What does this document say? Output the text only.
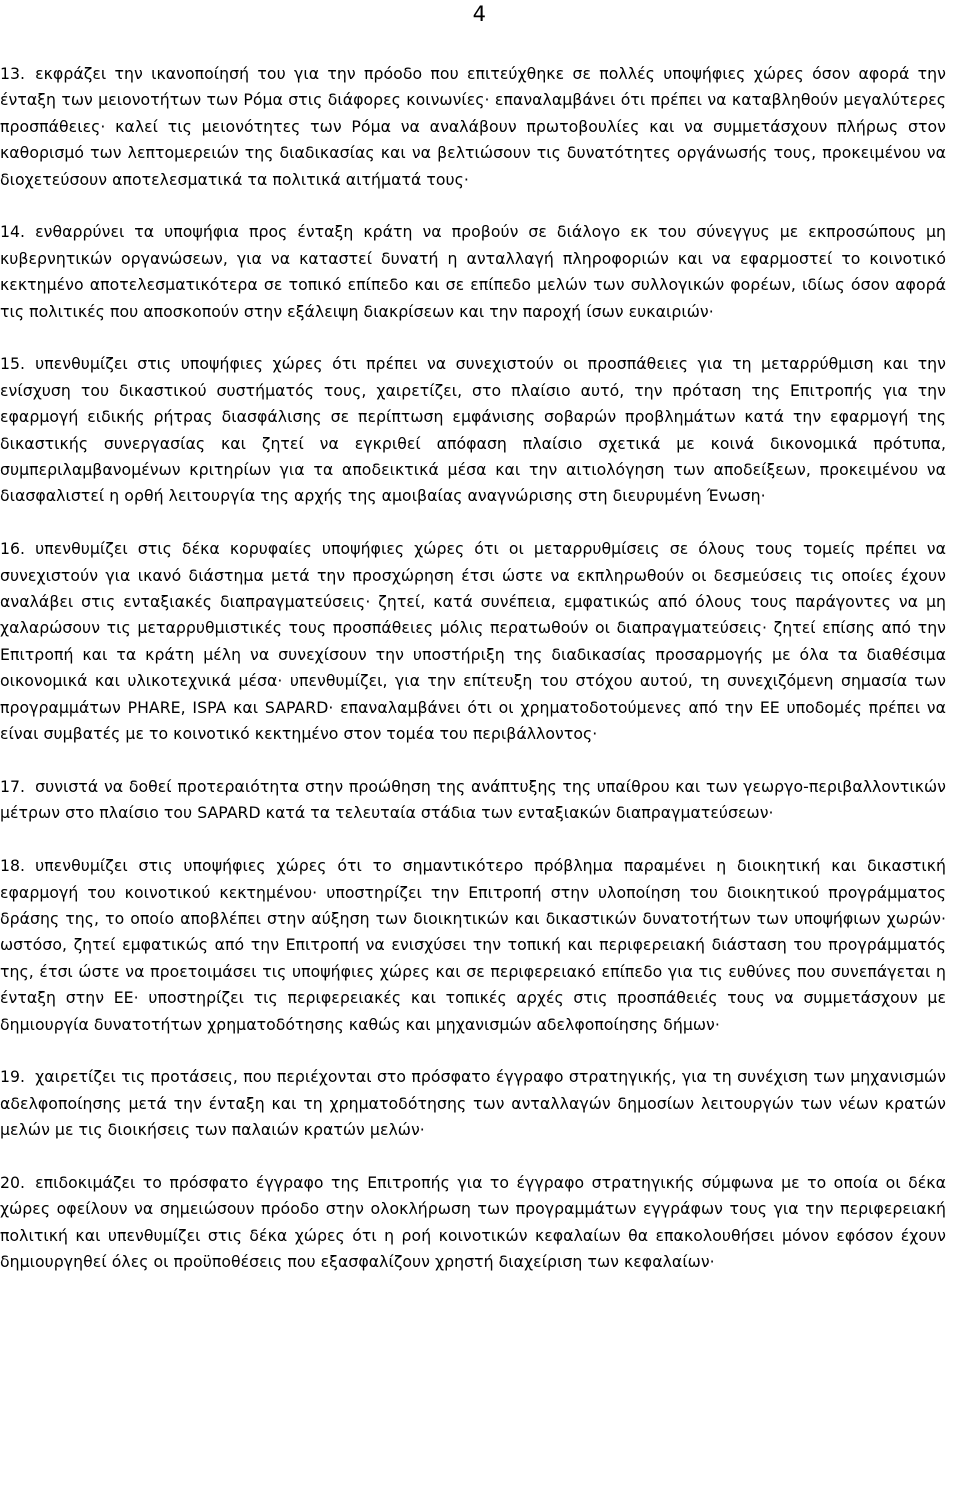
4

13. εκφράζει την ικανοποίησή του για την πρόοδο που επιτεύχθηκε σε πολλές υποψήφιες χώρες όσον αφορά την ένταξη των μειονοτήτων των Ρόμα στις διάφορες κοινωνίες· επαναλαμβάνει ότι πρέπει να καταβληθούν μεγαλύτερες προσπάθειες· καλεί τις μειονότητες των Ρόμα να αναλάβουν πρωτοβουλίες και να συμμετάσχουν πλήρως στον καθορισμό των λεπτομερειών της διαδικασίας και να βελτιώσουν τις δυνατότητες οργάνωσής τους, προκειμένου να διοχετεύσουν αποτελεσματικά τα πολιτικά αιτήματά τους·

14. ενθαρρύνει τα υποψήφια προς ένταξη κράτη να προβούν σε διάλογο εκ του σύνεγγυς με εκπροσώπους μη κυβερνητικών οργανώσεων, για να καταστεί δυνατή η ανταλλαγή πληροφοριών και να εφαρμοστεί το κοινοτικό κεκτημένο αποτελεσματικότερα σε τοπικό επίπεδο και σε επίπεδο μελών των συλλογικών φορέων, ιδίως όσον αφορά τις πολιτικές που αποσκοπούν στην εξάλειψη διακρίσεων και την παροχή ίσων ευκαιριών·

15. υπενθυμίζει στις υποψήφιες χώρες ότι πρέπει να συνεχιστούν οι προσπάθειες για τη μεταρρύθμιση και την ενίσχυση του δικαστικού συστήματός τους, χαιρετίζει, στο πλαίσιο αυτό, την πρόταση της Επιτροπής για την εφαρμογή ειδικής ρήτρας διασφάλισης σε περίπτωση εμφάνισης σοβαρών προβλημάτων κατά την εφαρμογή της δικαστικής συνεργασίας και ζητεί να εγκριθεί απόφαση πλαίσιο σχετικά με κοινά δικονομικά πρότυπα, συμπεριλαμβανομένων κριτηρίων για τα αποδεικτικά μέσα και την αιτιολόγηση των αποδείξεων, προκειμένου να διασφαλιστεί η ορθή λειτουργία της αρχής της αμοιβαίας αναγνώρισης στη διευρυμένη Ένωση·

16. υπενθυμίζει στις δέκα κορυφαίες υποψήφιες χώρες ότι οι μεταρρυθμίσεις σε όλους τους τομείς πρέπει να συνεχιστούν για ικανό διάστημα μετά την προσχώρηση έτσι ώστε να εκπληρωθούν οι δεσμεύσεις τις οποίες έχουν αναλάβει στις ενταξιακές διαπραγματεύσεις· ζητεί, κατά συνέπεια, εμφατικώς από όλους τους παράγοντες να μη χαλαρώσουν τις μεταρρυθμιστικές τους προσπάθειες μόλις περατωθούν οι διαπραγματεύσεις· ζητεί επίσης από την Επιτροπή και τα κράτη μέλη να συνεχίσουν την υποστήριξη της διαδικασίας προσαρμογής με όλα τα διαθέσιμα οικονομικά και υλικοτεχνικά μέσα· υπενθυμίζει, για την επίτευξη του στόχου αυτού, τη συνεχιζόμενη σημασία των προγραμμάτων PHARE, ISPA και SAPARD· επαναλαμβάνει ότι οι χρηματοδοτούμενες από την ΕΕ υποδομές πρέπει να είναι συμβατές με το κοινοτικό κεκτημένο στον τομέα του περιβάλλοντος·

17. συνιστά να δοθεί προτεραιότητα στην προώθηση της ανάπτυξης της υπαίθρου και των γεωργο-περιβαλλοντικών μέτρων στο πλαίσιο του SAPARD κατά τα τελευταία στάδια των ενταξιακών διαπραγματεύσεων·

18. υπενθυμίζει στις υποψήφιες χώρες ότι το σημαντικότερο πρόβλημα παραμένει η διοικητική και δικαστική εφαρμογή του κοινοτικού κεκτημένου· υποστηρίζει την Επιτροπή στην υλοποίηση του διοικητικού προγράμματος δράσης της, το οποίο αποβλέπει στην αύξηση των διοικητικών και δικαστικών δυνατοτήτων των υποψήφιων χωρών· ωστόσο, ζητεί εμφατικώς από την Επιτροπή να ενισχύσει την τοπική και περιφερειακή διάσταση του προγράμματός της, έτσι ώστε να προετοιμάσει τις υποψήφιες χώρες και σε περιφερειακό επίπεδο για τις ευθύνες που συνεπάγεται η ένταξη στην ΕΕ· υποστηρίζει τις περιφερειακές και τοπικές αρχές στις προσπάθειές τους να συμμετάσχουν με δημιουργία δυνατοτήτων χρηματοδότησης καθώς και μηχανισμών αδελφοποίησης δήμων·

19. χαιρετίζει τις προτάσεις, που περιέχονται στο πρόσφατο έγγραφο στρατηγικής, για τη συνέχιση των μηχανισμών αδελφοποίησης μετά την ένταξη και τη χρηματοδότησης των ανταλλαγών δημοσίων λειτουργών των νέων κρατών μελών με τις διοικήσεις των παλαιών κρατών μελών·

20. επιδοκιμάζει το πρόσφατο έγγραφο της Επιτροπής για το έγγραφο στρατηγικής σύμφωνα με το οποία οι δέκα χώρες οφείλουν να σημειώσουν πρόοδο στην ολοκλήρωση των προγραμμάτων εγγράφων τους για την περιφερειακή πολιτική και υπενθυμίζει στις δέκα χώρες ότι η ροή κοινοτικών κεφαλαίων θα επακολουθήσει μόνον εφόσον έχουν δημιουργηθεί όλες οι προϋποθέσεις που εξασφαλίζουν χρηστή διαχείριση των κεφαλαίων·
